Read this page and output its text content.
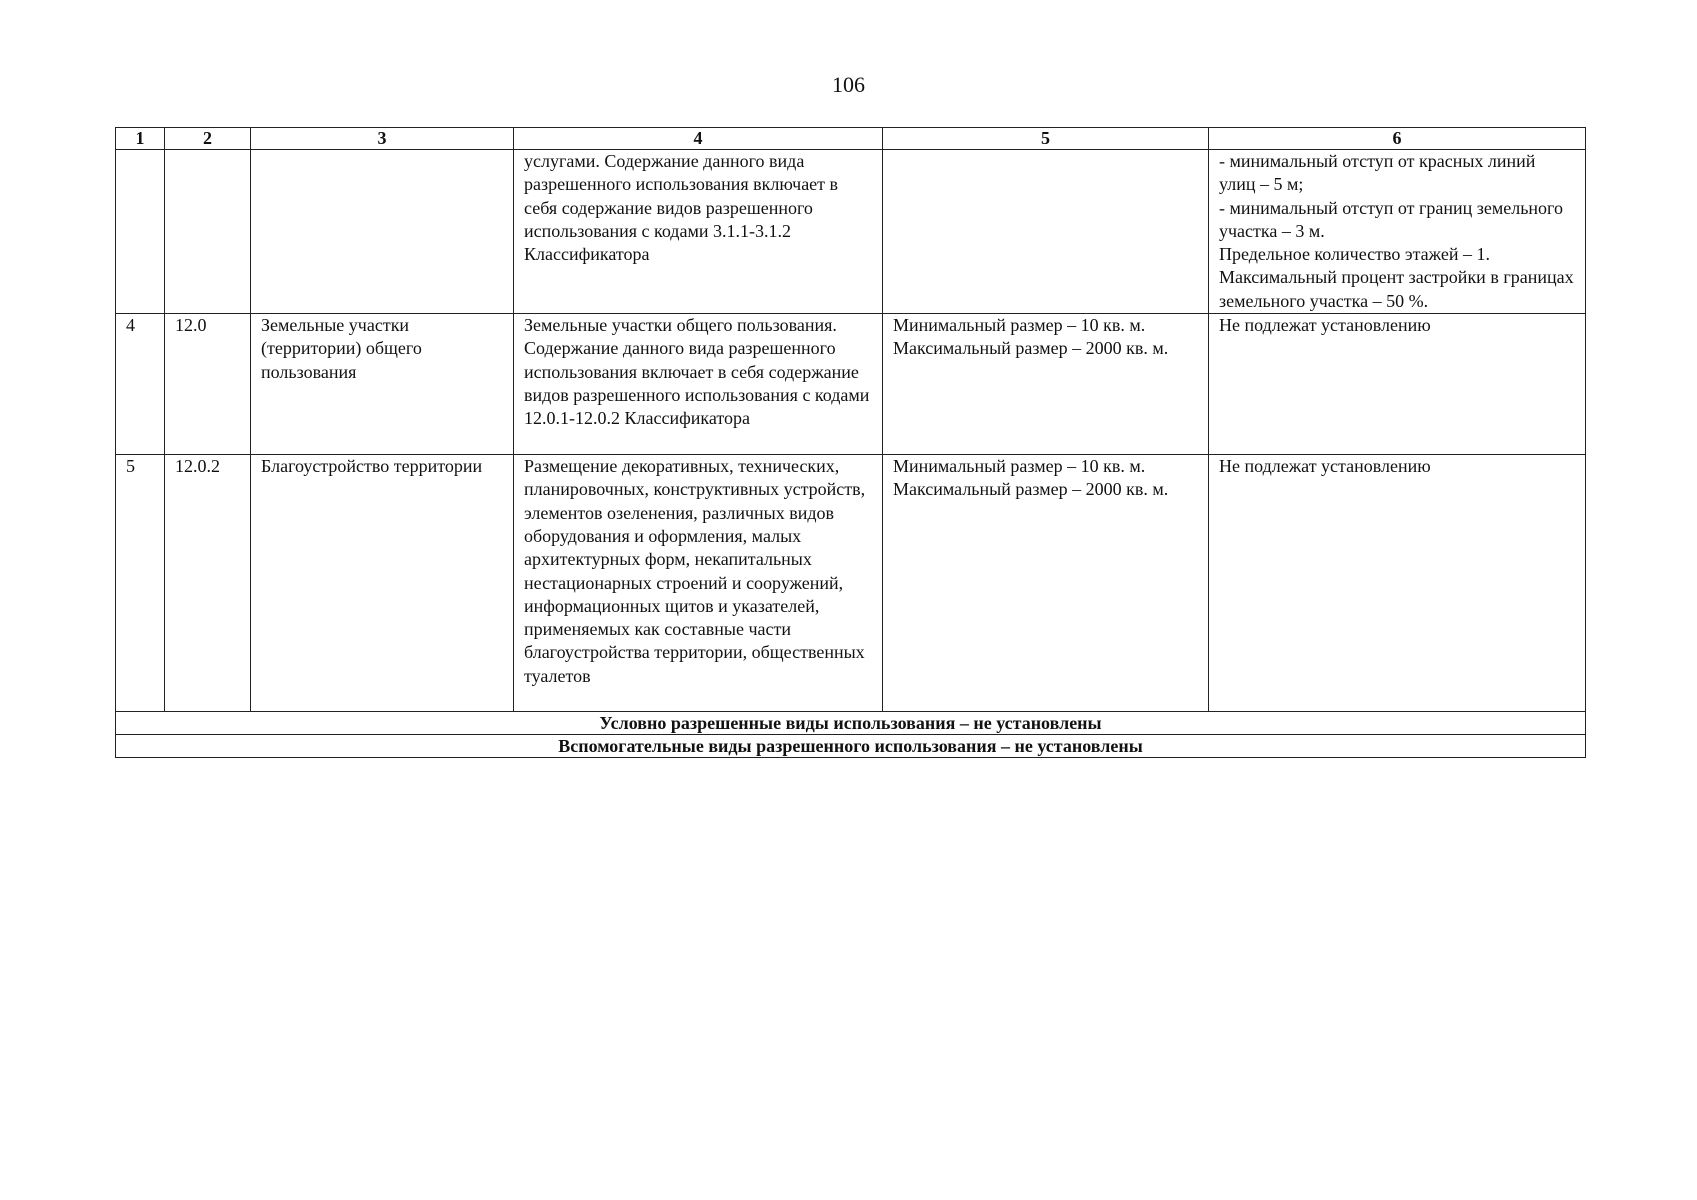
106
1	2	3	4	5	6
			услугами. Содержание данного вида разрешенного использования включает в себя содержание видов разрешенного использования с кодами 3.1.1-3.1.2 Классификатора		- минимальный отступ от красных линий улиц – 5 м;
- минимальный отступ от границ земельного участка – 3 м.
Предельное количество этажей – 1.
Максимальный процент застройки в границах земельного участка – 50 %.
4	12.0	Земельные участки (территории) общего пользования	Земельные участки общего пользования. Содержание данного вида разрешенного использования включает в себя содержание видов разрешенного использования с кодами 12.0.1-12.0.2 Классификатора	Минимальный размер – 10 кв. м.
Максимальный размер – 2000 кв. м.	Не подлежат установлению
5	12.0.2	Благоустройство территории	Размещение декоративных, технических, планировочных, конструктивных устройств, элементов озеленения, различных видов оборудования и оформления, малых архитектурных форм, некапитальных нестационарных строений и сооружений, информационных щитов и указателей, применяемых как составные части благоустройства территории, общественных туалетов	Минимальный размер – 10 кв. м.
Максимальный размер – 2000 кв. м.	Не подлежат установлению
Условно разрешенные виды использования – не установлены					
Вспомогательные виды разрешенного использования – не установлены					
